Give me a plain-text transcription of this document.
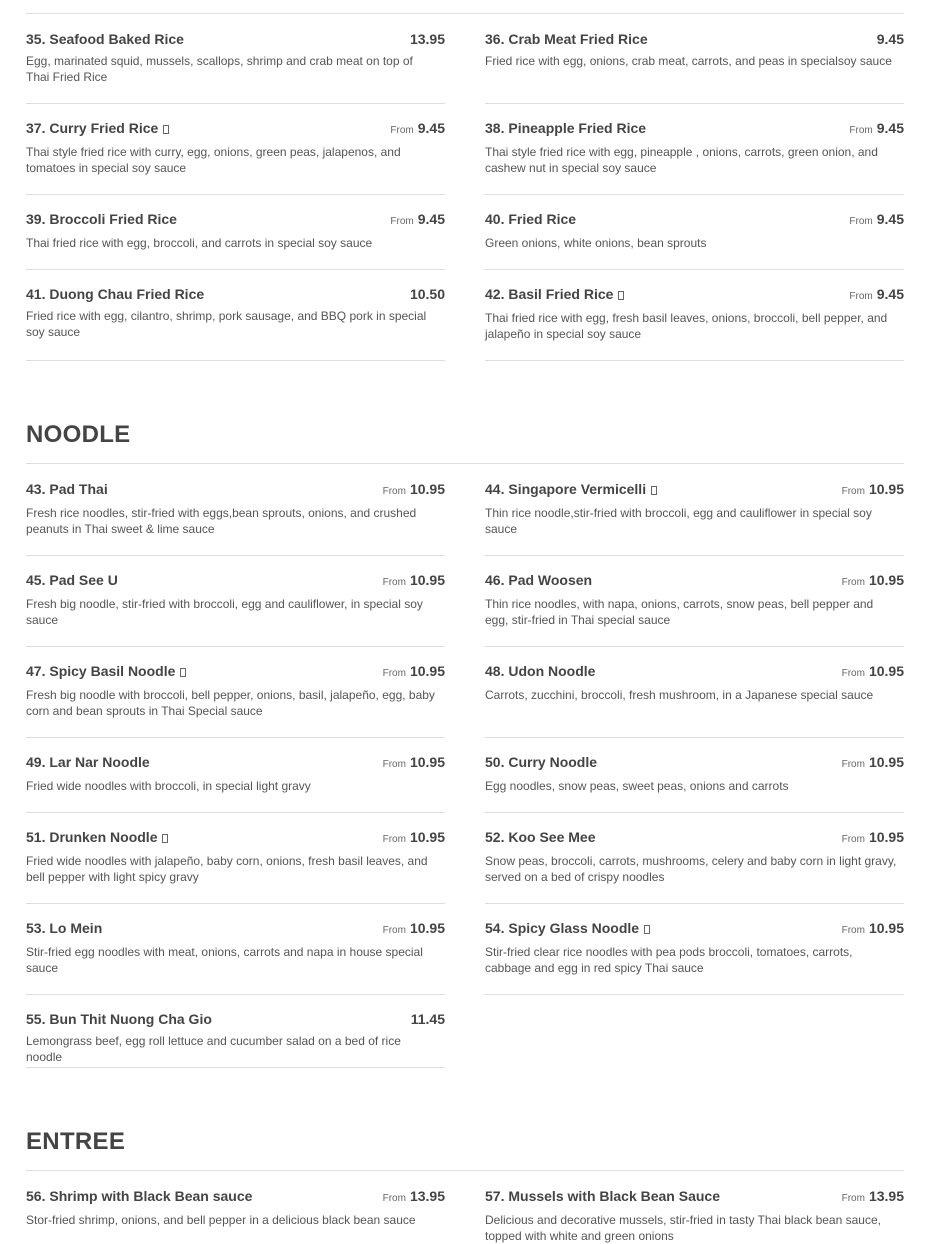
35. Seafood Baked Rice	13.95
Egg, marinated squid, mussels, scallops, shrimp and crab meat on top of Thai Fried Rice
36. Crab Meat Fried Rice	9.45
Fried rice with egg, onions, crab meat, carrots, and peas in specialsoy sauce
37. Curry Fried Rice	From 9.45
Thai style fried rice with curry, egg, onions, green peas, jalapenos, and tomatoes in special soy sauce
38. Pineapple Fried Rice	From 9.45
Thai style fried rice with egg, pineapple , onions, carrots, green onion, and cashew nut in special soy sauce
39. Broccoli Fried Rice	From 9.45
Thai fried rice with egg, broccoli, and carrots in special soy sauce
40. Fried Rice	From 9.45
Green onions, white onions, bean sprouts
41. Duong Chau Fried Rice	10.50
Fried rice with egg, cilantro, shrimp, pork sausage, and BBQ pork in special soy sauce
42. Basil Fried Rice	From 9.45
Thai fried rice with egg, fresh basil leaves, onions, broccoli, bell pepper, and jalapeño in special soy sauce
NOODLE
43. Pad Thai	From 10.95
Fresh rice noodles, stir-fried with eggs,bean sprouts, onions, and crushed peanuts in Thai sweet & lime sauce
44. Singapore Vermicelli	From 10.95
Thin rice noodle,stir-fried with broccoli, egg and cauliflower in special soy sauce
45. Pad See U	From 10.95
Fresh big noodle, stir-fried with broccoli, egg and cauliflower, in special soy sauce
46. Pad Woosen	From 10.95
Thin rice noodles, with napa, onions, carrots, snow peas, bell pepper and egg, stir-fried in Thai special sauce
47. Spicy Basil Noodle	From 10.95
Fresh big noodle with broccoli, bell pepper, onions, basil, jalapeño, egg, baby corn and bean sprouts in Thai Special sauce
48. Udon Noodle	From 10.95
Carrots, zucchini, broccoli, fresh mushroom, in a Japanese special sauce
49. Lar Nar Noodle	From 10.95
Fried wide noodles with broccoli, in special light gravy
50. Curry Noodle	From 10.95
Egg noodles, snow peas, sweet peas, onions and carrots
51. Drunken Noodle	From 10.95
Fried wide noodles with jalapeño, baby corn, onions, fresh basil leaves, and bell pepper with light spicy gravy
52. Koo See Mee	From 10.95
Snow peas, broccoli, carrots, mushrooms, celery and baby corn in light gravy, served on a bed of crispy noodles
53. Lo Mein	From 10.95
Stir-fried egg noodles with meat, onions, carrots and napa in house special sauce
54. Spicy Glass Noodle	From 10.95
Stir-fried clear rice noodles with pea pods broccoli, tomatoes, carrots, cabbage and egg in red spicy Thai sauce
55. Bun Thit Nuong Cha Gio	11.45
Lemongrass beef, egg roll lettuce and cucumber salad on a bed of rice noodle
ENTREE
56. Shrimp with Black Bean sauce	From 13.95
Stor-fried shrimp, onions, and bell pepper in a delicious black bean sauce
57. Mussels with Black Bean Sauce	From 13.95
Delicious and decorative mussels, stir-fried in tasty Thai black bean sauce, topped with white and green onions
